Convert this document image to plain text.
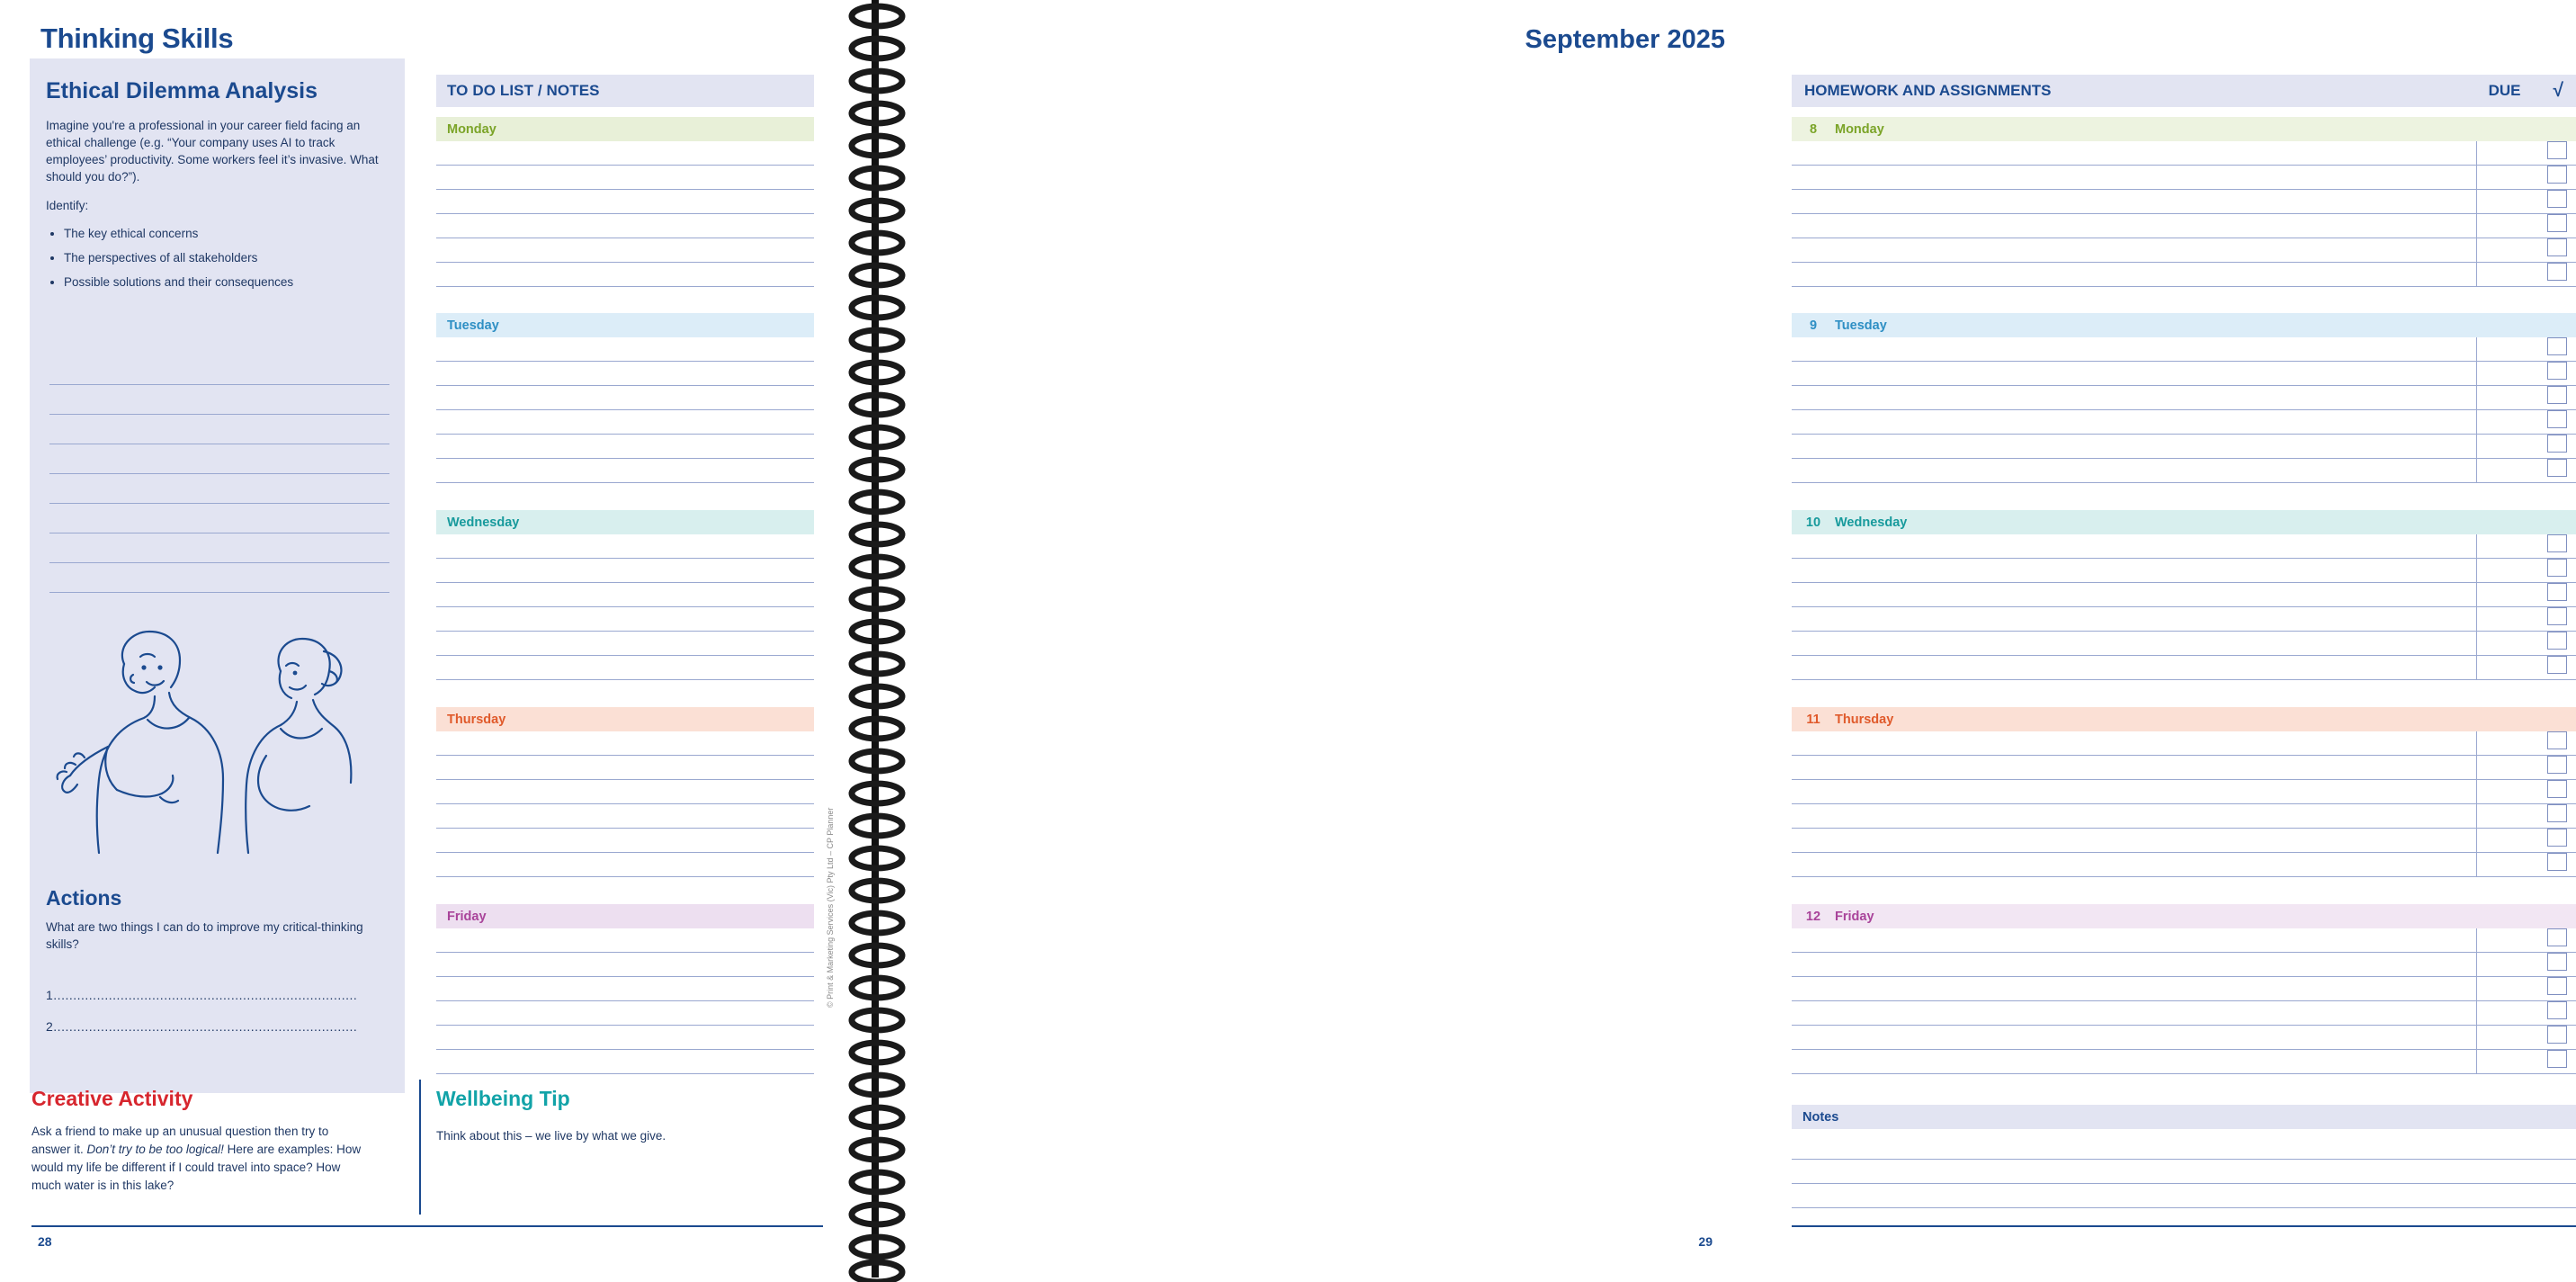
Thinking Skills
Ethical Dilemma Analysis

Imagine you're a professional in your career field facing an ethical challenge (e.g. “Your company uses AI to track employees’ productivity. Some workers feel it’s invasive. What should you do?”).

Identify:

• The key ethical concerns
• The perspectives of all stakeholders
• Possible solutions and their consequences
Actions
What are two things I can do to improve my critical-thinking skills?
1.............................................................................
2.............................................................................
Creative Activity
Ask a friend to make up an unusual question then try to answer it. Don’t try to be too logical! Here are examples: How would my life be different if I could travel into space? How much water is in this lake?
TO DO LIST / NOTES
Monday
Tuesday
Wednesday
Thursday
Friday
Wellbeing Tip
Think about this – we live by what we give.
28
© Print & Marketing Services (Vic) Pty Ltd – CP Planner
September 2025
HOMEWORK AND ASSIGNMENTS	DUE √
8	Monday
9	Tuesday
10	Wednesday
11	Thursday
12	Friday
Notes
29
